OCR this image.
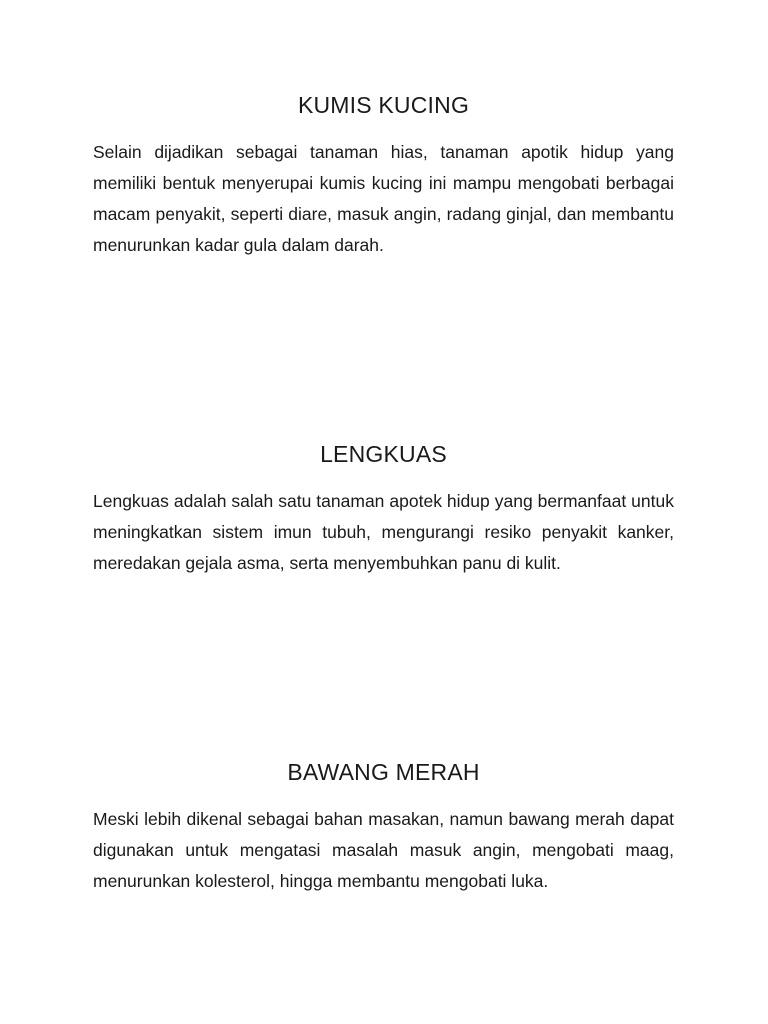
KUMIS KUCING

Selain dijadikan sebagai tanaman hias, tanaman apotik hidup yang memiliki bentuk menyerupai kumis kucing ini mampu mengobati berbagai macam penyakit, seperti diare, masuk angin, radang ginjal, dan membantu menurunkan kadar gula dalam darah.

LENGKUAS

Lengkuas adalah salah satu tanaman apotek hidup yang bermanfaat untuk meningkatkan sistem imun tubuh, mengurangi resiko penyakit kanker, meredakan gejala asma, serta menyembuhkan panu di kulit.

BAWANG MERAH

Meski lebih dikenal sebagai bahan masakan, namun bawang merah dapat digunakan untuk mengatasi masalah masuk angin, mengobati maag, menurunkan kolesterol, hingga membantu mengobati luka.
